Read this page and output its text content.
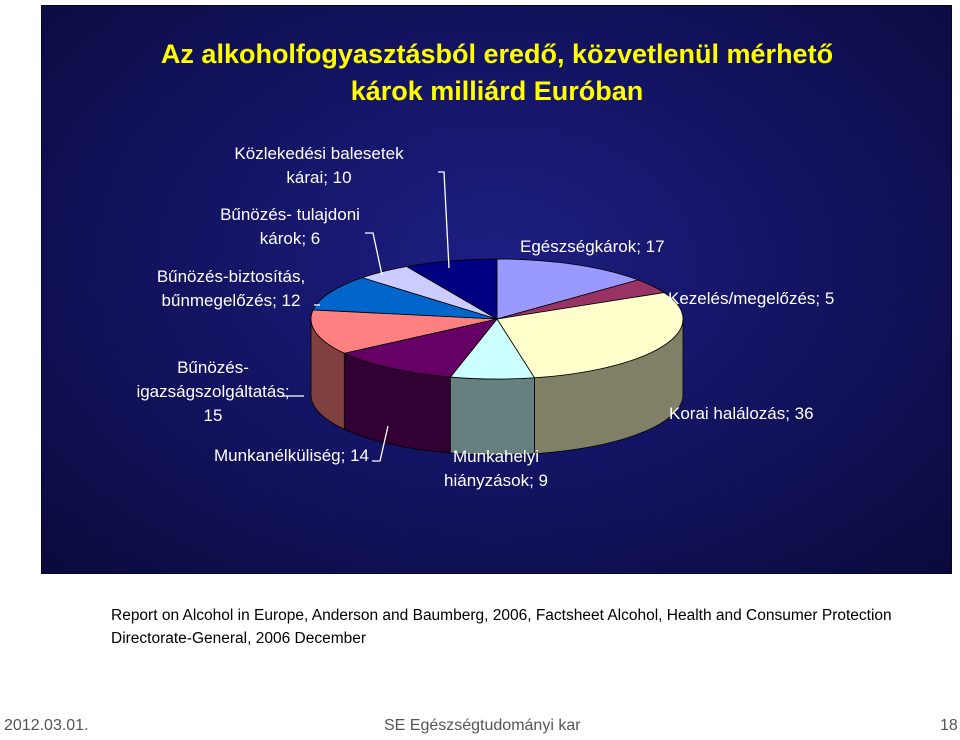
Az alkoholfogyasztásból eredő, közvetlenül mérhető
károk milliárd Euróban
Közlekedési balesetek kárai; 10
Bűnözés- tulajdoni károk; 6	Egészségkárok; 17
Bűnözés-biztosítás, bűnmegelőzés; 12	Kezelés/megelőzés; 5
Bűnözés-igazságszolgáltatás; 15	Korai halálozás; 36
Munkanélküliség; 14	Munkahelyi hiányzások; 9
Report on Alcohol in Europe, Anderson and Baumberg, 2006, Factsheet Alcohol, Health and Consumer Protection Directorate-General, 2006 December
2012.03.01.	SE Egészségtudományi kar	18
